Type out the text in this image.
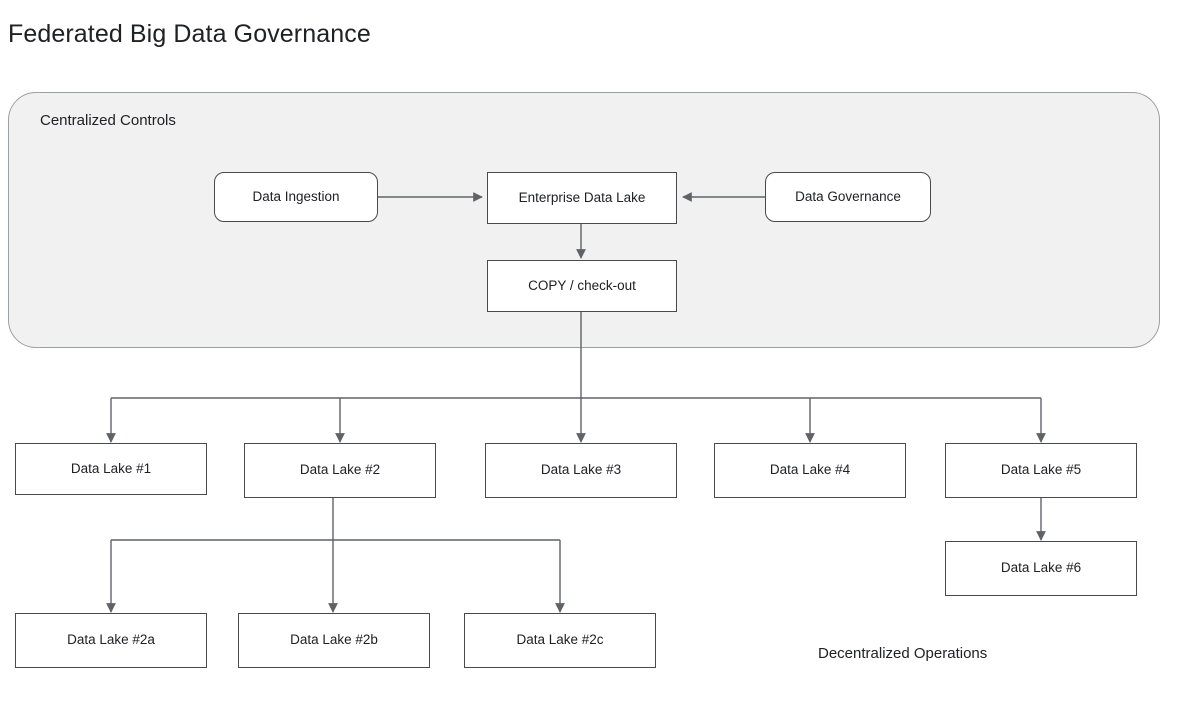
Federated Big Data Governance
Centralized Controls
Data Ingestion	Enterprise Data Lake	Data Governance
COPY / check-out
Data Lake #1	Data Lake #2	Data Lake #3	Data Lake #4	Data Lake #5
Data Lake #6
Data Lake #2a	Data Lake #2b	Data Lake #2c
Decentralized Operations
